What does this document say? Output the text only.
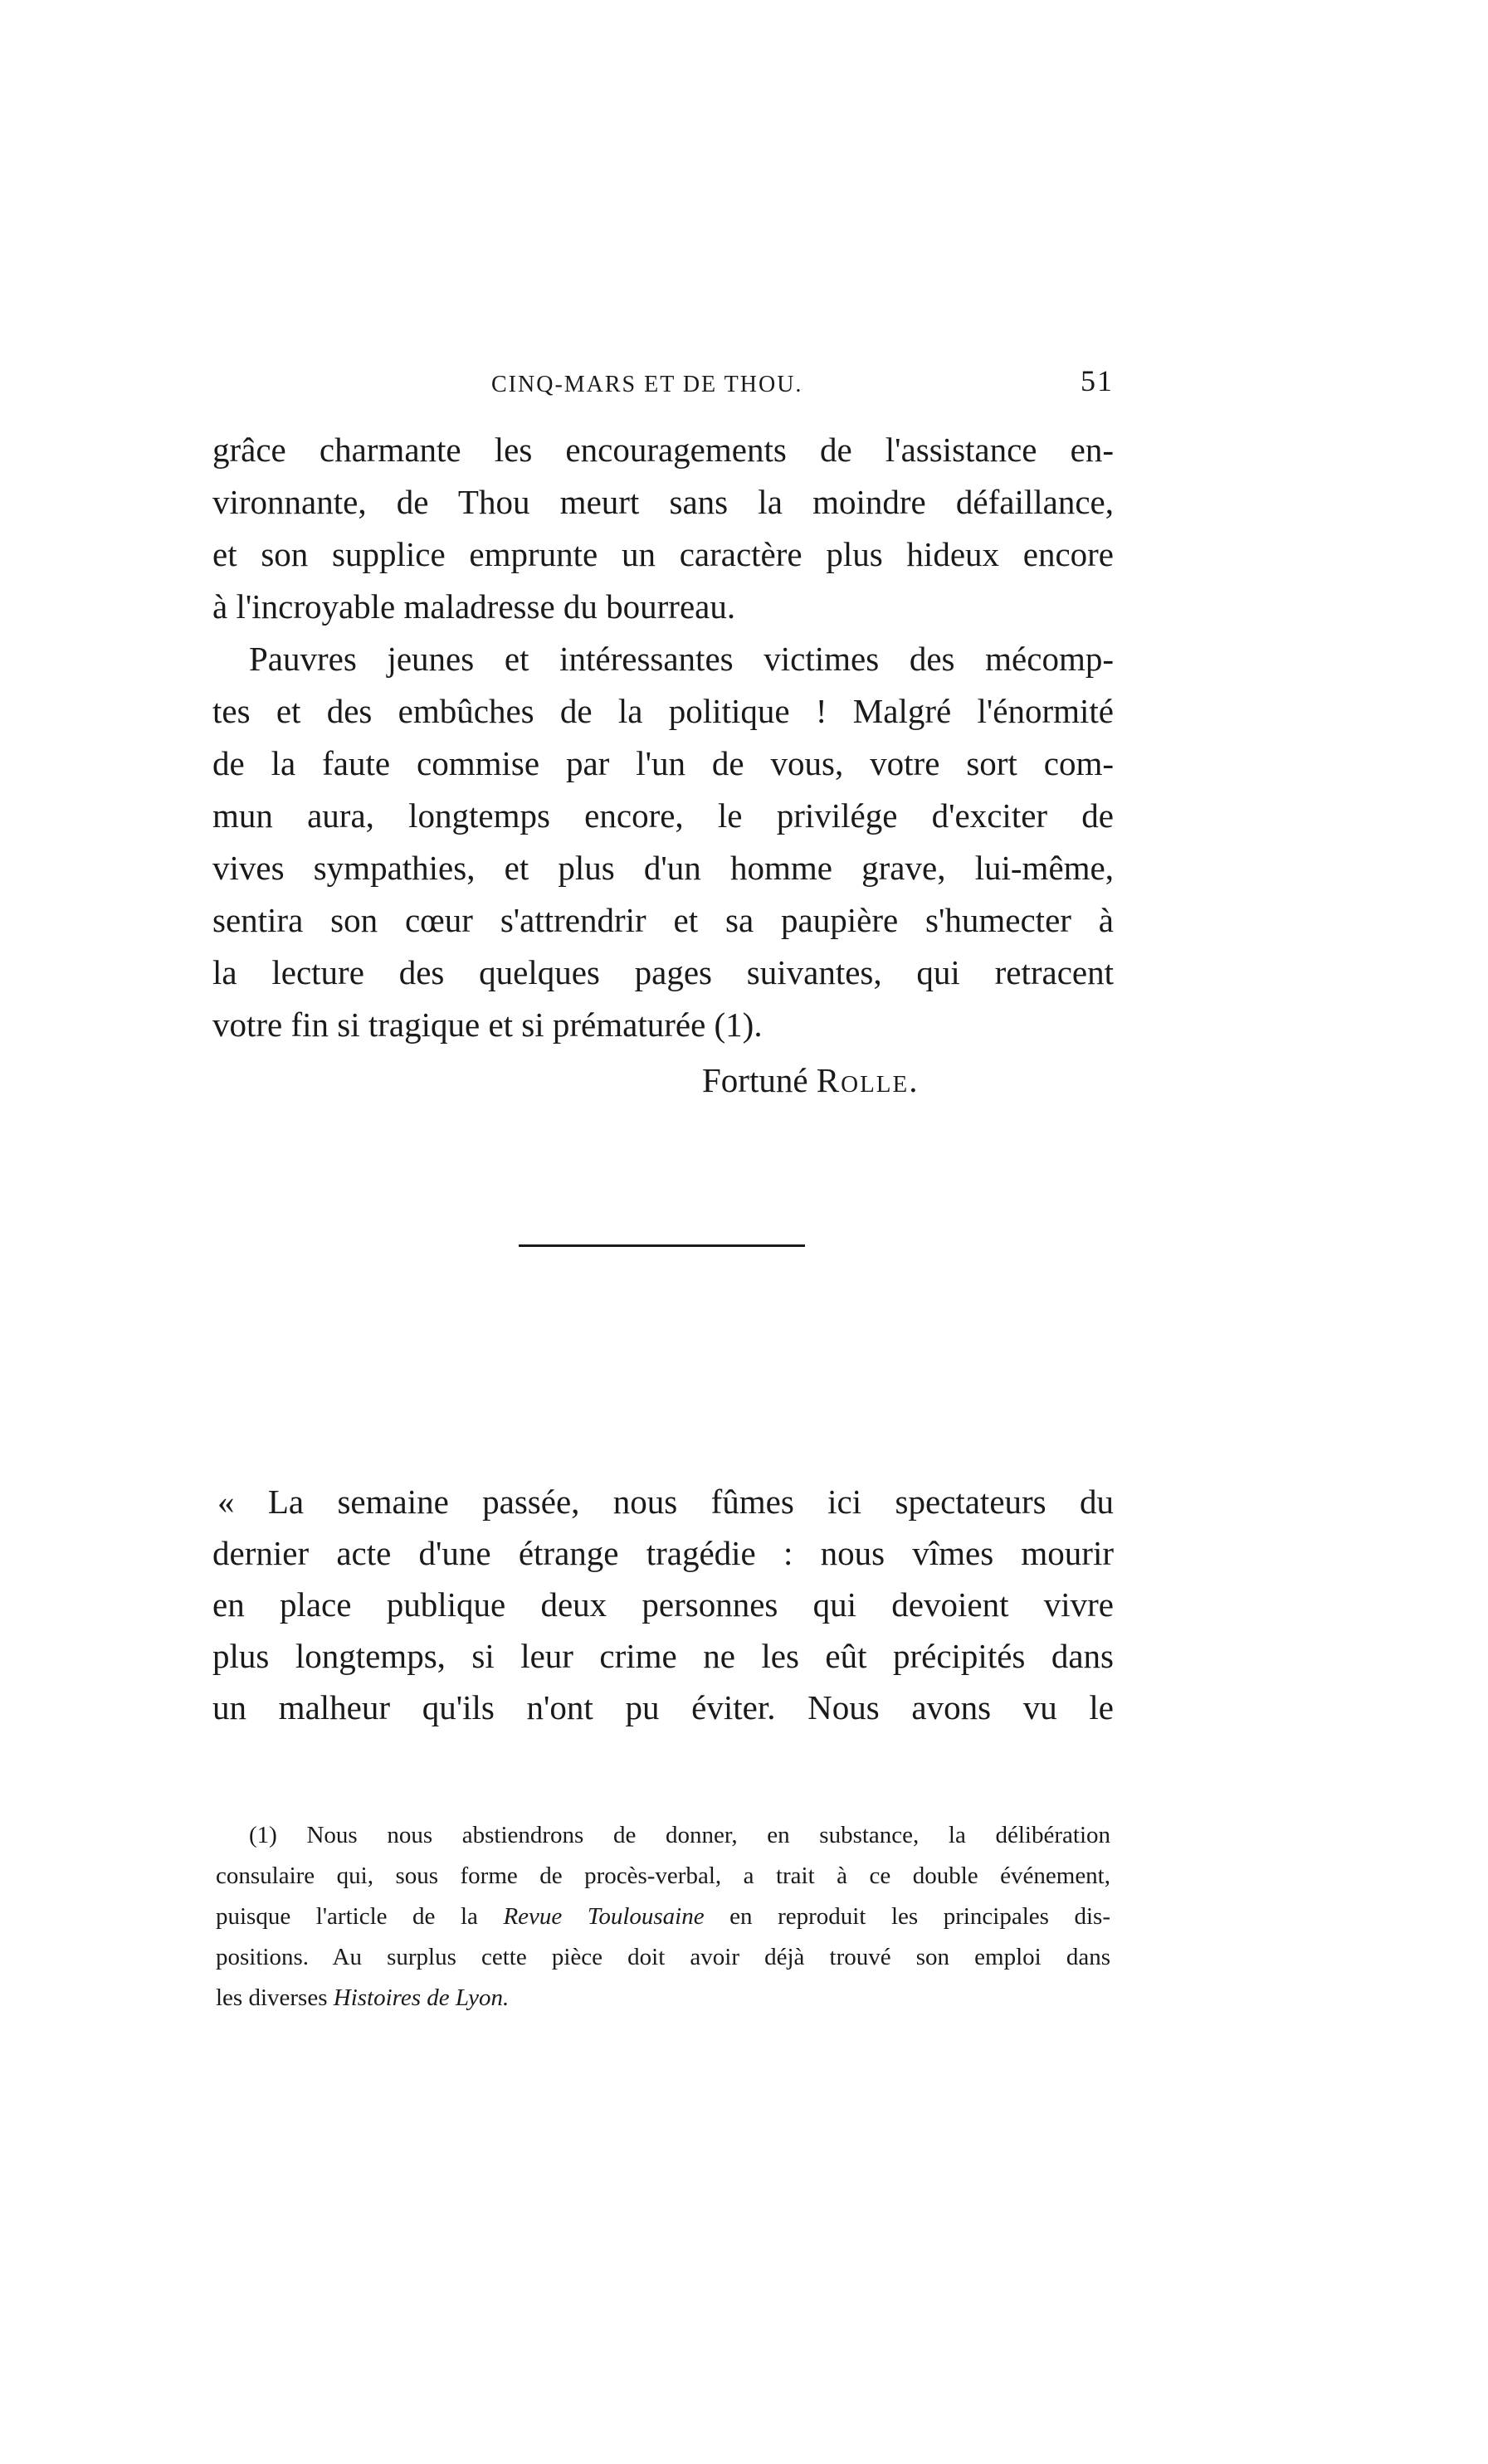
CINQ-MARS ET DE THOU.	51
grâce charmante les encouragements de l'assistance en-
vironnante, de Thou meurt sans la moindre défaillance,
et son supplice emprunte un caractère plus hideux encore
à l'incroyable maladresse du bourreau.
Pauvres jeunes et intéressantes victimes des mécomp-
tes et des embûches de la politique ! Malgré l'énormité
de la faute commise par l'un de vous, votre sort com-
mun aura, longtemps encore, le privilége d'exciter de
vives sympathies, et plus d'un homme grave, lui-même,
sentira son cœur s'attrendrir et sa paupière s'humecter à
la lecture des quelques pages suivantes, qui retracent
votre fin si tragique et si prématurée (1).
Fortuné Rolle.
« La semaine passée, nous fûmes ici spectateurs du
dernier acte d'une étrange tragédie : nous vîmes mourir
en place publique deux personnes qui devoient vivre
plus longtemps, si leur crime ne les eût précipités dans
un malheur qu'ils n'ont pu éviter. Nous avons vu le
(1) Nous nous abstiendrons de donner, en substance, la délibération
consulaire qui, sous forme de procès-verbal, a trait à ce double événement,
puisque l'article de la Revue Toulousaine en reproduit les principales dis-
positions. Au surplus cette pièce doit avoir déjà trouvé son emploi dans
les diverses Histoires de Lyon.
